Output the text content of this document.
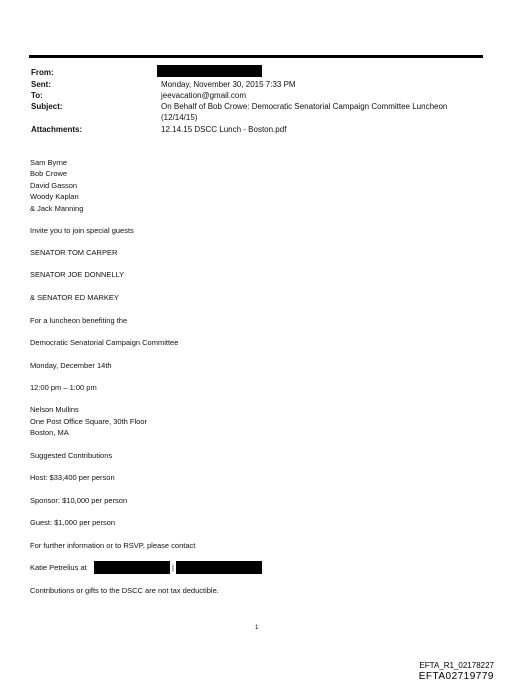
From:
Sent:
To:
Subject:
Attachments:
Monday, November 30, 2015 7:33 PM
jeevacation@gmail.com
On Behalf of Bob Crowe: Democratic Senatorial Campaign Committee Luncheon
(12/14/15)
12.14.15 DSCC Lunch - Boston.pdf
Sam Byrne
Bob Crowe
David Gasson
Woody Kaplan
& Jack Manning
Invite you to join special guests
SENATOR TOM CARPER
SENATOR JOE DONNELLY
& SENATOR ED MARKEY
For a luncheon benefiting the
Democratic Senatorial Campaign Committee
Monday, December 14th
12:00 pm – 1:00 pm
Nelson Mullins
One Post Office Square, 30th Floor
Boston, MA
Suggested Contributions
Host: $33,400 per person
Sponsor: $10,000 per person
Guest: $1,000 per person
For further information or to RSVP, please contact
Katie Petrelius at	|
Contributions or gifts to the DSCC are not tax deductible.
1
EFTA_R1_02178227
EFTA02719779
